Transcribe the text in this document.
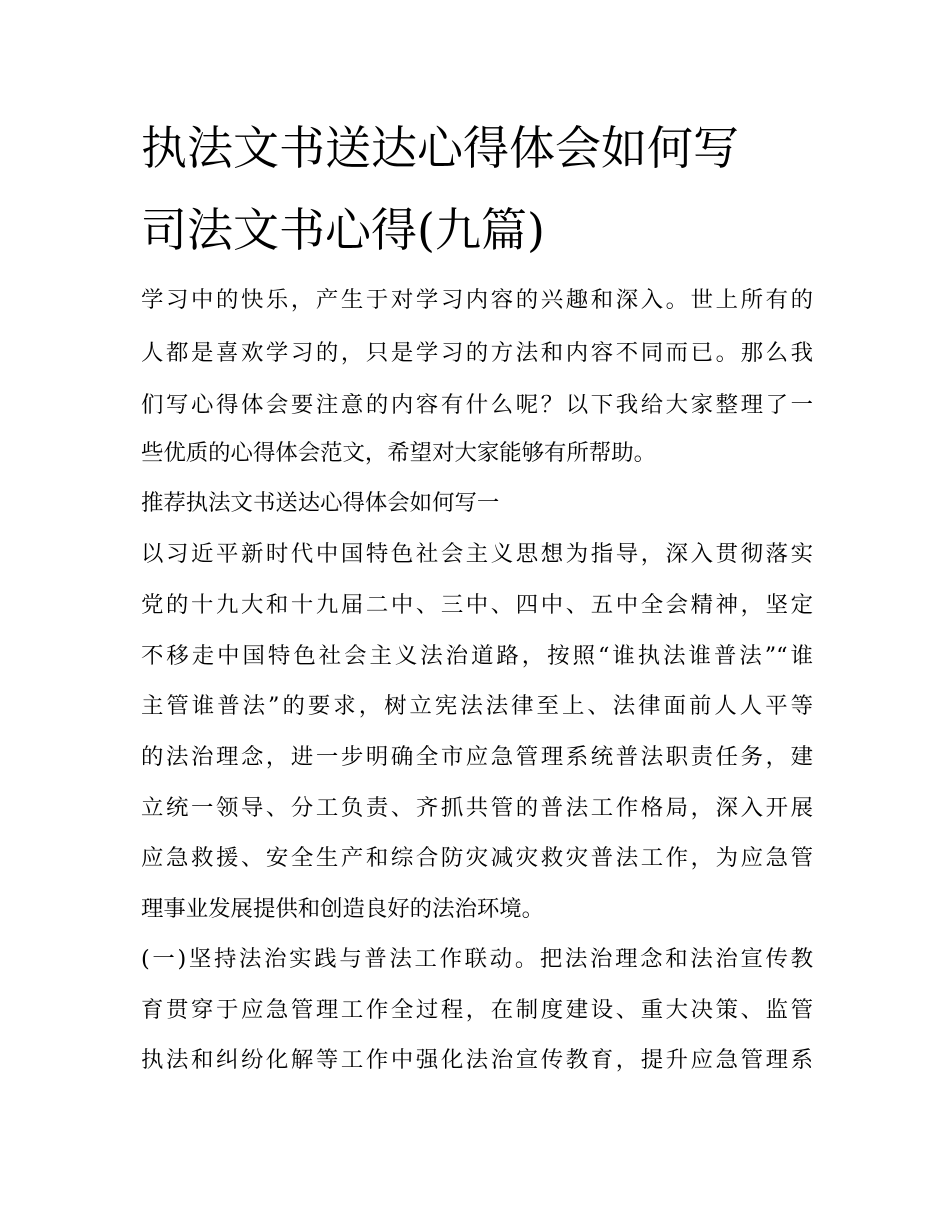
执法文书送达心得体会如何写
司法文书心得(九篇)
学习中的快乐，产生于对学习内容的兴趣和深入。世上所有的
人都是喜欢学习的，只是学习的方法和内容不同而已。那么我
们写心得体会要注意的内容有什么呢？以下我给大家整理了一
些优质的心得体会范文，希望对大家能够有所帮助。
推荐执法文书送达心得体会如何写一
以习近平新时代中国特色社会主义思想为指导，深入贯彻落实
党的十九大和十九届二中、三中、四中、五中全会精神，坚定
不移走中国特色社会主义法治道路，按照“谁执法谁普法”“谁
主管谁普法”的要求，树立宪法法律至上、法律面前人人平等
的法治理念，进一步明确全市应急管理系统普法职责任务，建
立统一领导、分工负责、齐抓共管的普法工作格局，深入开展
应急救援、安全生产和综合防灾减灾救灾普法工作，为应急管
理事业发展提供和创造良好的法治环境。
(一)坚持法治实践与普法工作联动。把法治理念和法治宣传教
育贯穿于应急管理工作全过程，在制度建设、重大决策、监管
执法和纠纷化解等工作中强化法治宣传教育，提升应急管理系
